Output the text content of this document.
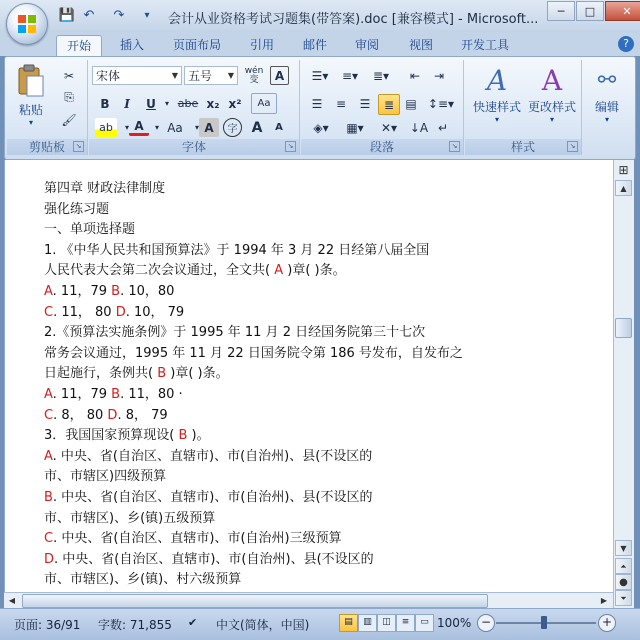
💾 ↶ ↷	▾	会计从业资格考试习题集(带答案).doc [兼容模式] - Microsoft...
─	□	✕
开始	插入	页面布局	引用	邮件	审阅	视图	开发工具	?
粘贴
▾
✂
⎘
🖌
剪贴板	↘
宋体	▼ 五号	▼	wén
变	A
B	I	U	▾ abe x₂ x²	Aa
ab	▾ A	▾ Aa	▾ A	字	A	A
字体	↘
☰▾	≡▾	≣▾	⇤	⇥
☰	≡	☰	≣ ▤ ↕≡▾
◈▾	▦▾	✕▾	↓A ↵
段落	↘
A
快速样式
▾
A
更改样式
▾
样式	↘
⚯
编辑
▾
第四章 财政法律制度
强化练习题
一、单项选择题
1. 《中华人民共和国预算法》于 1994 年 3 月 22 日经第八届全国
人民代表大会第二次会议通过，全文共( A )章( )条。
A. 11，79 B. 10，80
C. 11， 80 D. 10， 79
2.《预算法实施条例》于 1995 年 11 月 2 日经国务院第三十七次
常务会议通过，1995 年 11 月 22 日国务院令第 186 号发布，自发布之
日起施行，条例共( B )章( )条。
A. 11，79 B. 11，80 ·
C. 8， 80 D. 8， 79
3．我国国家预算现设( B )。
A. 中央、省(自治区、直辖市)、市(自治州)、县(不设区的
市、市辖区)四级预算
B. 中央、省(自治区、直辖市)、市(自治州)、县(不设区的
市、市辖区)、乡(镇)五级预算
C. 中央、省(自治区、直辖市)、市(自治州)三级预算
D. 中央、省(自治区、直辖市)、市(自治州)、县(不设区的
市、市辖区)、乡(镇)、村六级预算
⊞
▲
▼
⏶
●
⏷
◀	▶
页面: 36/91 字数: 71,855 ✔ 中文(简体，中国)	▤	▥	◫	≡	▭ 100% −	+
